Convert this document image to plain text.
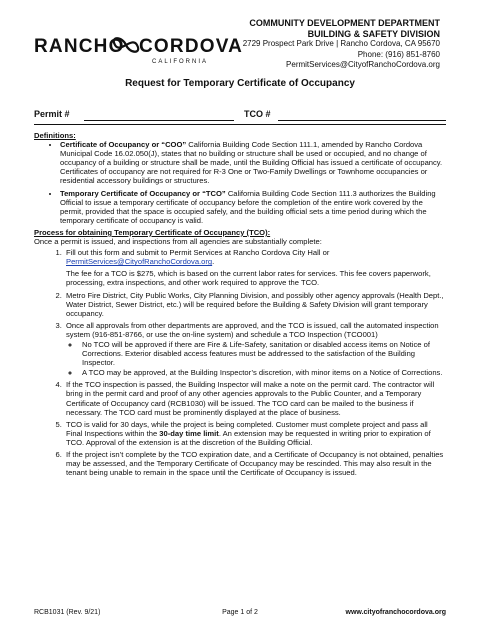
RANCHO CORDOVA
CALIFORNIA
COMMUNITY DEVELOPMENT DEPARTMENT
BUILDING & SAFETY DIVISION
2729 Prospect Park Drive | Rancho Cordova, CA 95670
Phone: (916) 851-8760
PermitServices@CityofRanchoCordova.org
Request for Temporary Certificate of Occupancy
Permit #	TCO #
Definitions:
• Certificate of Occupancy or “COO” California Building Code Section 111.1, amended by Rancho Cordova Municipal Code 16.02.050(J), states that no building or structure shall be used or occupied, and no change of occupancy of a building or structure shall be made, until the Building Official has issued a certificate of occupancy. Certificates of occupancy are not required for R-3 One or Two-Family Dwellings or Townhome occupancies or residential accessory buildings or structures.
• Temporary Certificate of Occupancy or “TCO” California Building Code Section 111.3 authorizes the Building Official to issue a temporary certificate of occupancy before the completion of the entire work covered by the permit, provided that the space is occupied safely, and the building official sets a time period during which the temporary certificate of occupancy is valid.
Process for obtaining Temporary Certificate of Occupancy (TCO):
Once a permit is issued, and inspections from all agencies are substantially complete:
1. Fill out this form and submit to Permit Services at Rancho Cordova City Hall or
PermitServices@CityofRanchoCordova.org.

The fee for a TCO is $275, which is based on the current labor rates for services. This fee covers paperwork, processing, extra inspections, and other work required to approve the TCO.

2. Metro Fire District, City Public Works, City Planning Division, and possibly other agency approvals (Health Dept., Water District, Sewer District, etc.) will be required before the Building & Safety Division will grant temporary occupancy.
3. Once all approvals from other departments are approved, and the TCO is issued, call the automated inspection system (916-851-8766, or use the on-line system) and schedule a TCO Inspection (TCO001)
◦ No TCO will be approved if there are Fire & Life-Safety, sanitation or disabled access items on Notice of Corrections. Exterior disabled access features must be addressed to the satisfaction of the Building Inspector.
◦ A TCO may be approved, at the Building Inspector’s discretion, with minor items on a Notice of Corrections.
4. If the TCO inspection is passed, the Building Inspector will make a note on the permit card. The contractor will bring in the permit card and proof of any other agencies approvals to the Public Counter, and a Temporary Certificate of Occupancy card (RCB1030) will be issued. The TCO card can be mailed to the business if necessary. The TCO card must be prominently displayed at the place of business.
5. TCO is valid for 30 days, while the project is being completed. Customer must complete project and pass all Final Inspections within the 30-day time limit. An extension may be requested in writing prior to expiration of TCO. Approval of the extension is at the discretion of the Building Official.
6. If the project isn’t complete by the TCO expiration date, and a Certificate of Occupancy is not obtained, penalties may be assessed, and the Temporary Certificate of Occupancy may be rescinded. This may also result in the tenant being unable to remain in the space until the Certificate of Occupancy is issued.
RCB1031 (Rev. 9/21)	Page 1 of 2	www.cityofranchocordova.org
